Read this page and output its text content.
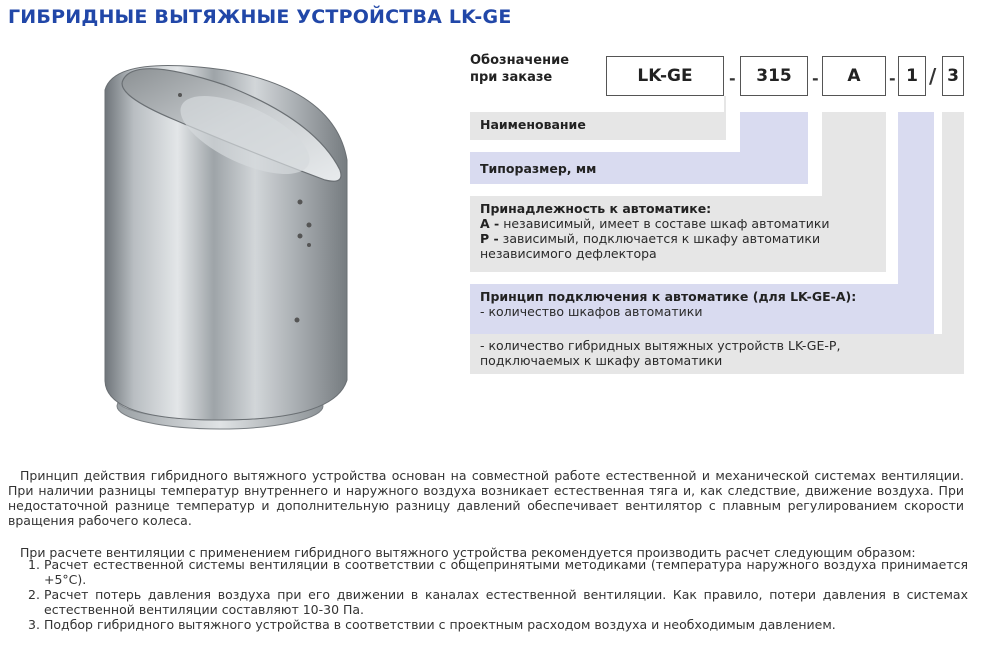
ГИБРИДНЫЕ ВЫТЯЖНЫЕ УСТРОЙСТВА LK-GE
Обозначение
при заказе	LK-GE	-	315	-	A	- 1 / 3
Наименование
Типоразмер, мм
Принадлежность к автоматике:
А - независимый, имеет в составе шкаф автоматики
Р - зависимый, подключается к шкафу автоматики
независимого дефлектора
Принцип подключения к автоматике (для LK-GE-A):
- количество шкафов автоматики
- количество гибридных вытяжных устройств LK-GE-P,
подключаемых к шкафу автоматики
Принцип действия гибридного вытяжного устройства основан на совместной работе естественной и механической системах вентиляции. При наличии разницы температур внутреннего и наружного воздуха возникает естественная тяга и, как следствие, движение воздуха. При недостаточной разнице температур и дополнительную разницу давлений обеспечивает вентилятор с плавным регулированием скорости вращения рабочего колеса.
При расчете вентиляции с применением гибридного вытяжного устройства рекомендуется производить расчет следующим образом:
1. Расчет естественной системы вентиляции в соответствии с общепринятыми методиками (температура наружного воздуха принимается +5°С).
2. Расчет потерь давления воздуха при его движении в каналах естественной вентиляции. Как правило, потери давления в системах естественной вентиляции составляют 10-30 Па.
3. Подбор гибридного вытяжного устройства в соответствии с проектным расходом воздуха и необходимым давлением.
